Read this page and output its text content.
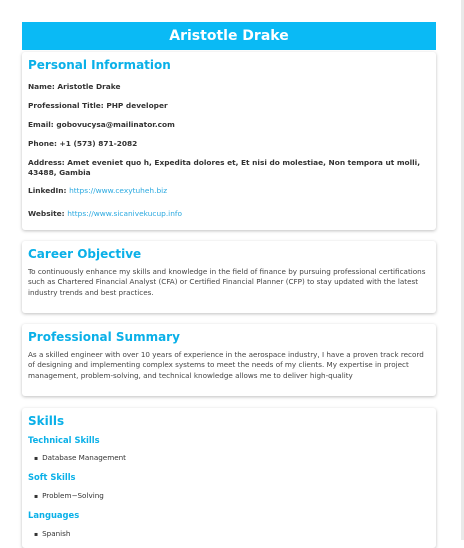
Aristotle Drake
Personal Information

Name: Aristotle Drake

Professional Title: PHP developer

Email: gobovucysa@mailinator.com

Phone: +1 (573) 871-2082

Address: Amet eveniet quo h, Expedita dolores et, Et nisi do molestiae, Non tempora ut molli, 43488, Gambia

LinkedIn: https://www.cexytuheh.biz

Website: https://www.sicanivekucup.info

Career Objective

To continuously enhance my skills and knowledge in the field of finance by pursuing professional certifications such as Chartered Financial Analyst (CFA) or Certified Financial Planner (CFP) to stay updated with the latest industry trends and best practices.

Professional Summary

As a skilled engineer with over 10 years of experience in the aerospace industry, I have a proven track record of designing and implementing complex systems to meet the needs of my clients. My expertise in project management, problem-solving, and technical knowledge allows me to deliver high-quality

Skills

Technical Skills

▪ Database Management

Soft Skills

▪ Problem−Solving

Languages

▪ Spanish
